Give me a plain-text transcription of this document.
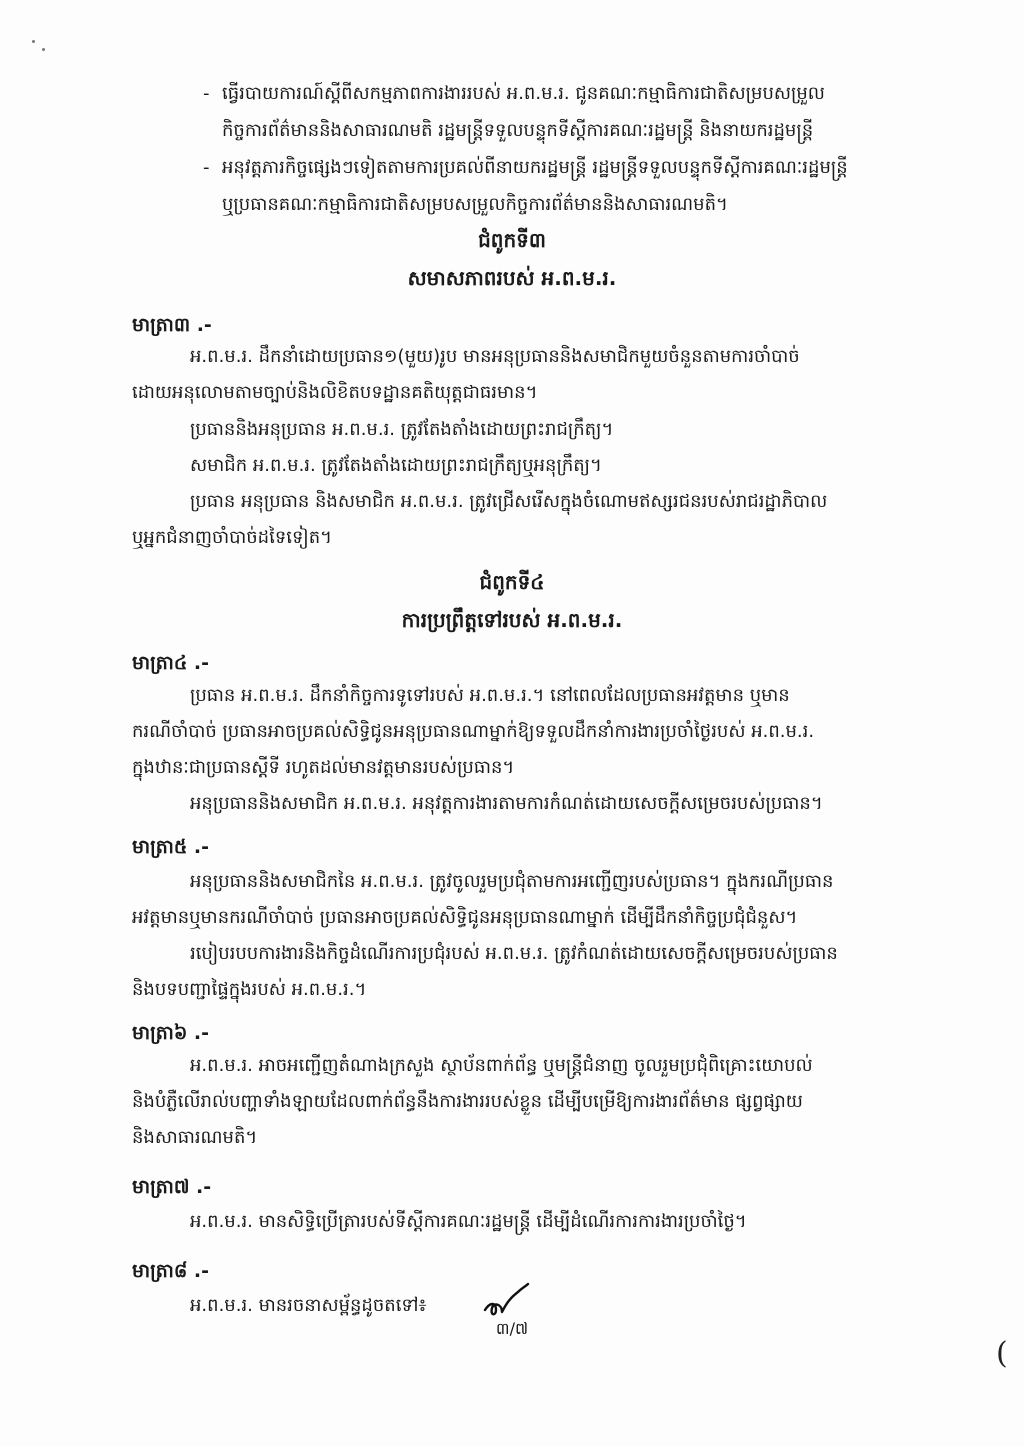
- ធ្វើរបាយការណ៍ស្តីពីសកម្មភាពការងាររបស់ អ.ព.ម.រ. ជូនគណៈកម្មាធិការជាតិសម្របសម្រួល
កិច្ចការព័ត៌មាននិងសាធារណមតិ រដ្ឋមន្ត្រីទទួលបន្ទុកទីស្តីការគណៈរដ្ឋមន្ត្រី និងនាយករដ្ឋមន្ត្រី
- អនុវត្តភារកិច្ចផ្សេងៗទៀតតាមការប្រគល់ពីនាយករដ្ឋមន្ត្រី រដ្ឋមន្ត្រីទទួលបន្ទុកទីស្តីការគណៈរដ្ឋមន្ត្រី
ឬប្រធានគណៈកម្មាធិការជាតិសម្របសម្រួលកិច្ចការព័ត៌មាននិងសាធារណមតិ។
ជំពូកទី៣
សមាសភាពរបស់ អ.ព.ម.រ.
មាត្រា៣ .-
អ.ព.ម.រ. ដឹកនាំដោយប្រធាន១(មួយ)រូប មានអនុប្រធាននិងសមាជិកមួយចំនួនតាមការចាំបាច់
ដោយអនុលោមតាមច្បាប់និងលិខិតបទដ្ឋានគតិយុត្តជាធរមាន។
ប្រធាននិងអនុប្រធាន អ.ព.ម.រ. ត្រូវតែងតាំងដោយព្រះរាជក្រឹត្យ។
សមាជិក អ.ព.ម.រ. ត្រូវតែងតាំងដោយព្រះរាជក្រឹត្យឬអនុក្រឹត្យ។
ប្រធាន អនុប្រធាន និងសមាជិក អ.ព.ម.រ. ត្រូវជ្រើសរើសក្នុងចំណោមឥស្សរជនរបស់រាជរដ្ឋាភិបាល
ឬអ្នកជំនាញចាំបាច់ដទៃទៀត។
ជំពូកទី៤
ការប្រព្រឹត្តទៅរបស់ អ.ព.ម.រ.
មាត្រា៤ .-
ប្រធាន អ.ព.ម.រ. ដឹកនាំកិច្ចការទូទៅរបស់ អ.ព.ម.រ.។ នៅពេលដែលប្រធានអវត្តមាន ឬមាន
ករណីចាំបាច់ ប្រធានអាចប្រគល់សិទ្ធិជូនអនុប្រធានណាម្នាក់ឱ្យទទួលដឹកនាំការងារប្រចាំថ្ងៃរបស់ អ.ព.ម.រ.
ក្នុងឋានៈជាប្រធានស្តីទី រហូតដល់មានវត្តមានរបស់ប្រធាន។
អនុប្រធាននិងសមាជិក អ.ព.ម.រ. អនុវត្តការងារតាមការកំណត់ដោយសេចក្តីសម្រេចរបស់ប្រធាន។
មាត្រា៥ .-
អនុប្រធាននិងសមាជិកនៃ អ.ព.ម.រ. ត្រូវចូលរួមប្រជុំតាមការអញ្ជើញរបស់ប្រធាន។ ក្នុងករណីប្រធាន
អវត្តមានឬមានករណីចាំបាច់ ប្រធានអាចប្រគល់សិទ្ធិជូនអនុប្រធានណាម្នាក់ ដើម្បីដឹកនាំកិច្ចប្រជុំជំនួស។
របៀបរបបការងារនិងកិច្ចដំណើរការប្រជុំរបស់ អ.ព.ម.រ. ត្រូវកំណត់ដោយសេចក្តីសម្រេចរបស់ប្រធាន
និងបទបញ្ជាផ្ទៃក្នុងរបស់ អ.ព.ម.រ.។
មាត្រា៦ .-
អ.ព.ម.រ. អាចអញ្ជើញតំណាងក្រសួង ស្ថាប័នពាក់ព័ន្ធ ឬមន្ត្រីជំនាញ ចូលរួមប្រជុំពិគ្រោះយោបល់
និងបំភ្លឺលើរាល់បញ្ហាទាំងឡាយដែលពាក់ព័ន្ធនឹងការងាររបស់ខ្លួន ដើម្បីបម្រើឱ្យការងារព័ត៌មាន ផ្សព្វផ្សាយ
និងសាធារណមតិ។
មាត្រា៧ .-
អ.ព.ម.រ. មានសិទ្ធិប្រើត្រារបស់ទីស្តីការគណៈរដ្ឋមន្ត្រី ដើម្បីដំណើរការការងារប្រចាំថ្ងៃ។
មាត្រា៨ .-
អ.ព.ម.រ. មានរចនាសម្ព័ន្ធដូចតទៅ៖
៣/៧
(
